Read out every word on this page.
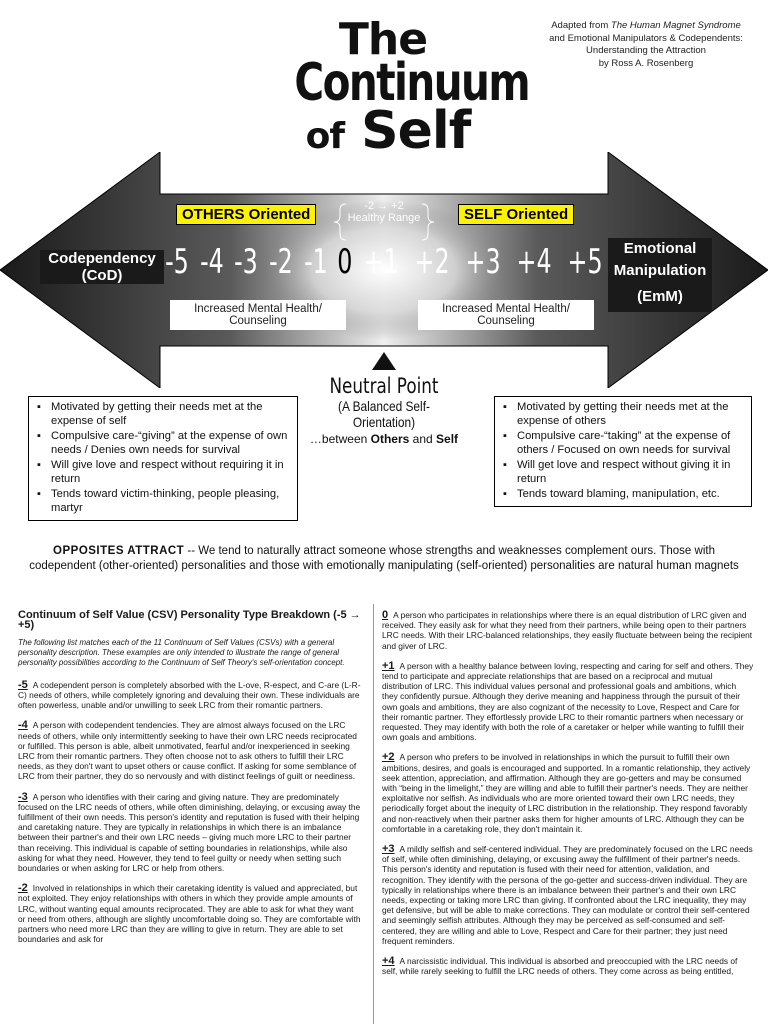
The
Continuum
of Self
Adapted from The Human Magnet Syndrome
and Emotional Manipulators & Codependents:
Understanding the Attraction
by Ross A. Rosenberg
OTHERS Oriented	SELF Oriented
-2 → +2
Healthy Range
Codependency
(CoD)
Emotional
Manipulation
(EmM)
-5 -4 -3 -2 -1 0 +1 +2 +3 +4 +5
Increased Mental Health/ Counseling
Increased Mental Health/ Counseling
Neutral Point
(A Balanced Self-Orientation)
…between Others and Self
▪ Motivated by getting their needs met at the expense of self
▪ Compulsive care-“giving” at the expense of own needs / Denies own needs for survival
▪ Will give love and respect without requiring it in return
▪ Tends toward victim-thinking, people pleasing, martyr
▪ Motivated by getting their needs met at the expense of others
▪ Compulsive care-“taking” at the expense of others / Focused on own needs for survival
▪ Will get love and respect without giving it in return
▪ Tends toward blaming, manipulation, etc.
OPPOSITES ATTRACT -- We tend to naturally attract someone whose strengths and weaknesses complement ours. Those with codependent (other-oriented) personalities and those with emotionally manipulating (self-oriented) personalities are natural human magnets
Continuum of Self Value (CSV) Personality Type Breakdown (-5 → +5)
The following list matches each of the 11 Continuum of Self Values (CSVs) with a general personality description. These examples are only intended to illustrate the range of general personality possibilities according to the Continuum of Self Theory's self-orientation concept.

-5 A codependent person is completely absorbed with the L-ove, R-espect, and C-are (L-R-C) needs of others, while completely ignoring and devaluing their own. These individuals are often powerless, unable and/or unwilling to seek LRC from their romantic partners.

-4 A person with codependent tendencies. They are almost always focused on the LRC needs of others, while only intermittently seeking to have their own LRC needs reciprocated or fulfilled. This person is able, albeit unmotivated, fearful and/or inexperienced in seeking LRC from their romantic partners. They often choose not to ask others to fulfill their LRC needs, as they don't want to upset others or cause conflict. If asking for some semblance of LRC from their partner, they do so nervously and with distinct feelings of guilt or neediness.

-3 A person who identifies with their caring and giving nature. They are predominately focused on the LRC needs of others, while often diminishing, delaying, or excusing away the fulfillment of their own needs. This person's identity and reputation is fused with their helping and caretaking nature. They are typically in relationships in which there is an imbalance between their partner's and their own LRC needs – giving much more LRC to their partner than receiving. This individual is capable of setting boundaries in relationships, while also asking for what they need. However, they tend to feel guilty or needy when setting such boundaries or when asking for LRC or help from others.

-2 Involved in relationships in which their caretaking identity is valued and appreciated, but not exploited. They enjoy relationships with others in which they provide ample amounts of LRC, without wanting equal amounts reciprocated. They are able to ask for what they want or need from others, although are slightly uncomfortable doing so. They are comfortable with partners who need more LRC than they are willing to give in return. They are able to set boundaries and ask for

0 A person who participates in relationships where there is an equal distribution of LRC given and received. They easily ask for what they need from their partners, while being open to their partners LRC needs. With their LRC-balanced relationships, they easily fluctuate between being the recipient and giver of LRC.

+1 A person with a healthy balance between loving, respecting and caring for self and others. They tend to participate and appreciate relationships that are based on a reciprocal and mutual distribution of LRC. This individual values personal and professional goals and ambitions, which they confidently pursue. Although they derive meaning and happiness through the pursuit of their own goals and ambitions, they are also cognizant of the necessity to Love, Respect and Care for their romantic partner. They effortlessly provide LRC to their romantic partners when necessary or requested. They may identify with both the role of a caretaker or helper while wanting to fulfill their own goals and ambitions.

+2 A person who prefers to be involved in relationships in which the pursuit to fulfill their own ambitions, desires, and goals is encouraged and supported. In a romantic relationship, they actively seek attention, appreciation, and affirmation. Although they are go-getters and may be consumed with “being in the limelight,” they are willing and able to fulfill their partner's needs. They are neither exploitative nor selfish. As individuals who are more oriented toward their own LRC needs, they periodically forget about the inequity of LRC distribution in the relationship. They respond favorably and non-reactively when their partner asks them for higher amounts of LRC. Although they can be comfortable in a caretaking role, they don't maintain it.

+3 A mildly selfish and self-centered individual. They are predominately focused on the LRC needs of self, while often diminishing, delaying, or excusing away the fulfillment of their partner's needs. This person's identity and reputation is fused with their need for attention, validation, and recognition. They identify with the persona of the go-getter and success-driven individual. They are typically in relationships where there is an imbalance between their partner's and their own LRC needs, expecting or taking more LRC than giving. If confronted about the LRC inequality, they may get defensive, but will be able to make corrections. They can modulate or control their self-centered and seemingly selfish attributes. Although they may be perceived as self-consumed and self-centered, they are willing and able to Love, Respect and Care for their partner; they just need frequent reminders.

+4 A narcissistic individual. This individual is absorbed and preoccupied with the LRC needs of self, while rarely seeking to fulfill the LRC needs of others. They come across as being entitled,
